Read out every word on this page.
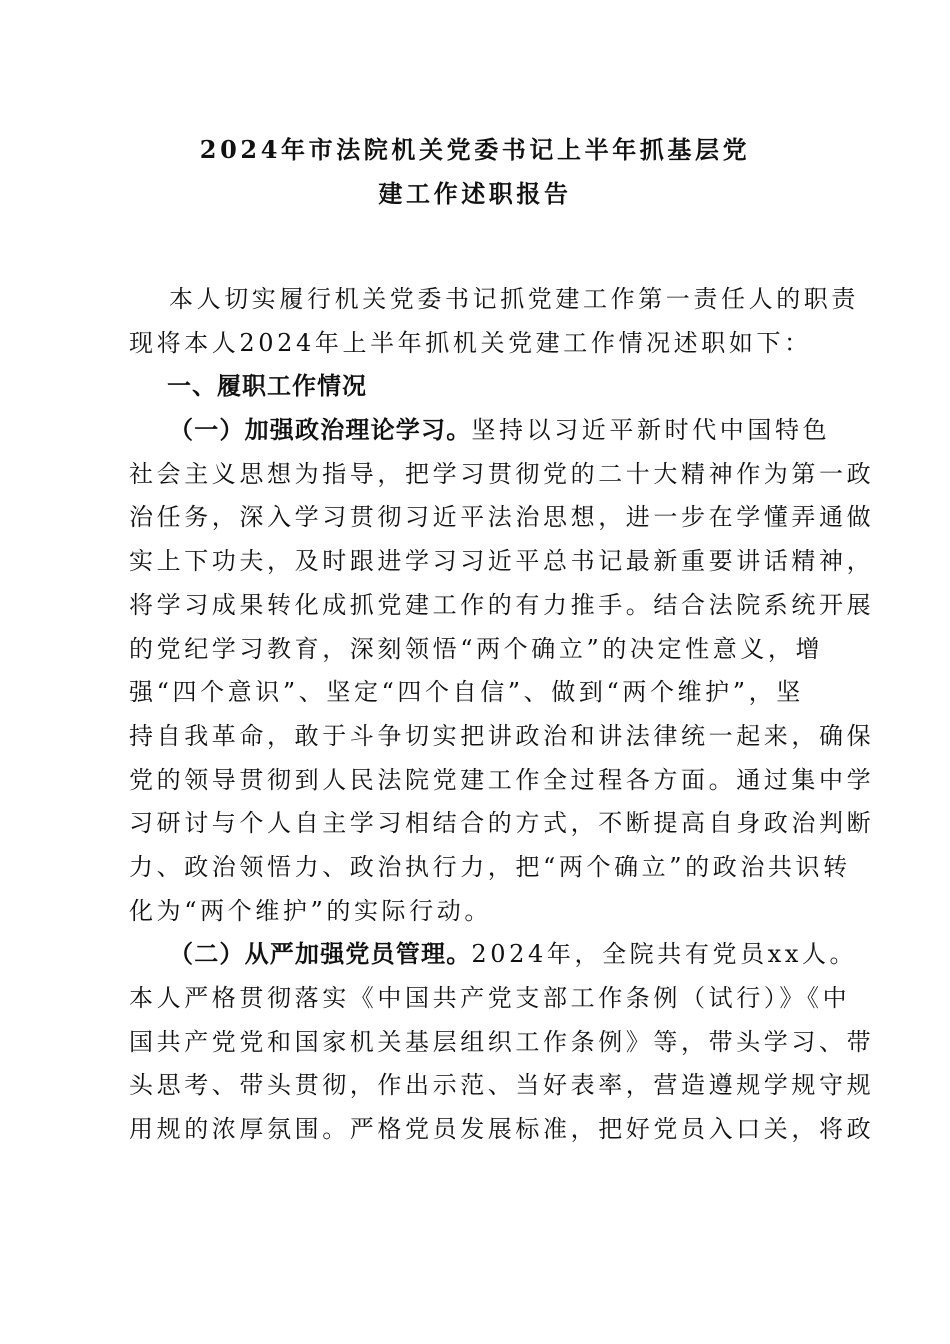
2024年市法院机关党委书记上半年抓基层党
建工作述职报告
本人切实履行机关党委书记抓党建工作第一责任人的职责
现将本人2024年上半年抓机关党建工作情况述职如下：
一、履职工作情况
（一）加强政治理论学习。坚持以习近平新时代中国特色
社会主义思想为指导，把学习贯彻党的二十大精神作为第一政
治任务，深入学习贯彻习近平法治思想，进一步在学懂弄通做
实上下功夫，及时跟进学习习近平总书记最新重要讲话精神，
将学习成果转化成抓党建工作的有力推手。结合法院系统开展
的党纪学习教育，深刻领悟“两个确立”的决定性意义，增
强“四个意识”、坚定“四个自信”、做到“两个维护”，坚
持自我革命，敢于斗争切实把讲政治和讲法律统一起来，确保
党的领导贯彻到人民法院党建工作全过程各方面。通过集中学
习研讨与个人自主学习相结合的方式，不断提高自身政治判断
力、政治领悟力、政治执行力，把“两个确立”的政治共识转
化为“两个维护”的实际行动。
（二）从严加强党员管理。2024年，全院共有党员xx人。
本人严格贯彻落实《中国共产党支部工作条例（试行）》《中
国共产党党和国家机关基层组织工作条例》等，带头学习、带
头思考、带头贯彻，作出示范、当好表率，营造遵规学规守规
用规的浓厚氛围。严格党员发展标准，把好党员入口关，将政
